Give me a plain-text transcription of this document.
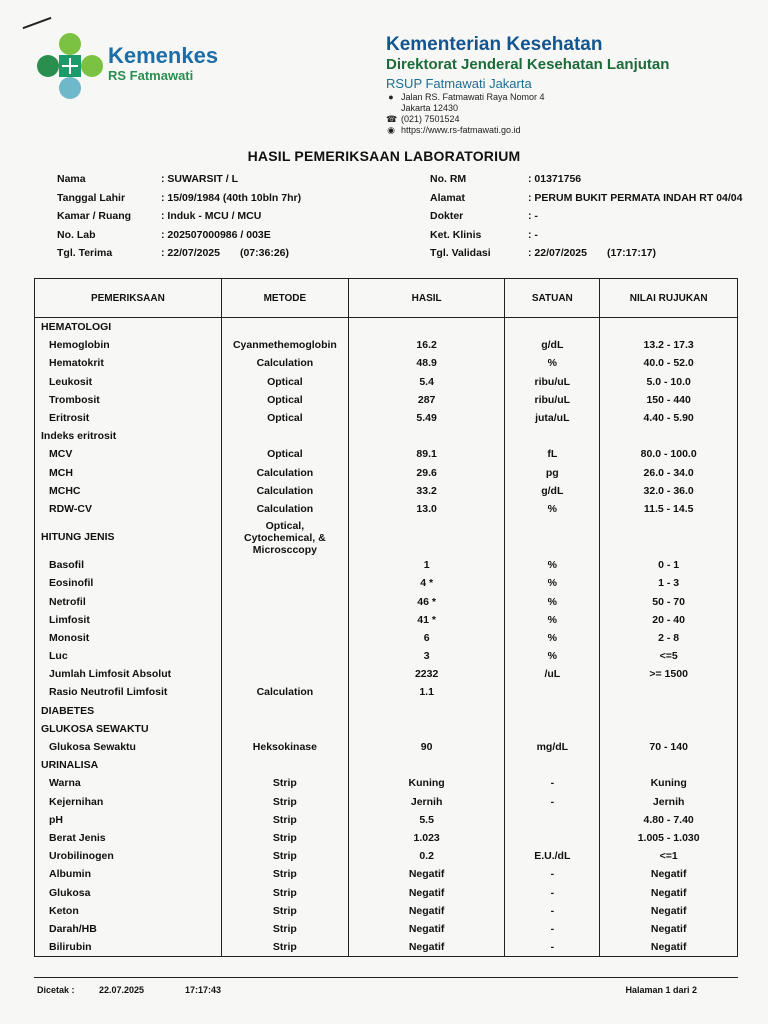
Kemenkes
RS Fatmawati
Kementerian Kesehatan
Direktorat Jenderal Kesehatan Lanjutan
RSUP Fatmawati Jakarta
● Jalan RS. Fatmawati Raya Nomor 4
Jakarta 12430
☎ (021) 7501524
◉ https://www.rs-fatmawati.go.id
HASIL PEMERIKSAAN LABORATORIUM
Nama	: SUWARSIT / L
Tanggal Lahir	: 15/09/1984 (40th 10bln 7hr)
Kamar / Ruang	: Induk - MCU / MCU
No. Lab	: 202507000986 / 003E
Tgl. Terima	: 22/07/2025 (07:36:26)
No. RM	: 01371756
Alamat	: PERUM BUKIT PERMATA INDAH RT 04/04
Dokter	: -
Ket. Klinis	: -
Tgl. Validasi	: 22/07/2025 (17:17:17)
PEMERIKSAAN	METODE	HASIL	SATUAN	NILAI RUJUKAN
HEMATOLOGI				
Hemoglobin	Cyanmethemoglobin	16.2	g/dL	13.2 - 17.3
Hematokrit	Calculation	48.9	%	40.0 - 52.0
Leukosit	Optical	5.4	ribu/uL	5.0 - 10.0
Trombosit	Optical	287	ribu/uL	150 - 440
Eritrosit	Optical	5.49	juta/uL	4.40 - 5.90
Indeks eritrosit				
MCV	Optical	89.1	fL	80.0 - 100.0
MCH	Calculation	29.6	pg	26.0 - 34.0
MCHC	Calculation	33.2	g/dL	32.0 - 36.0
RDW-CV	Calculation	13.0	%	11.5 - 14.5
HITUNG JENIS	Optical,
Cytochemical, &
Microsccopy			
Basofil		1	%	0 - 1
Eosinofil		4 *	%	1 - 3
Netrofil		46 *	%	50 - 70
Limfosit		41 *	%	20 - 40
Monosit		6	%	2 - 8
Luc		3	%	<=5
Jumlah Limfosit Absolut		2232	/uL	>= 1500
Rasio Neutrofil Limfosit	Calculation	1.1		
DIABETES				
GLUKOSA SEWAKTU				
Glukosa Sewaktu	Heksokinase	90	mg/dL	70 - 140
URINALISA				
Warna	Strip	Kuning	-	Kuning
Kejernihan	Strip	Jernih	-	Jernih
pH	Strip	5.5		4.80 - 7.40
Berat Jenis	Strip	1.023		1.005 - 1.030
Urobilinogen	Strip	0.2	E.U./dL	<=1
Albumin	Strip	Negatif	-	Negatif
Glukosa	Strip	Negatif	-	Negatif
Keton	Strip	Negatif	-	Negatif
Darah/HB	Strip	Negatif	-	Negatif
Bilirubin	Strip	Negatif	-	Negatif
Dicetak :	22.07.2025	17:17:43	Halaman 1 dari 2
